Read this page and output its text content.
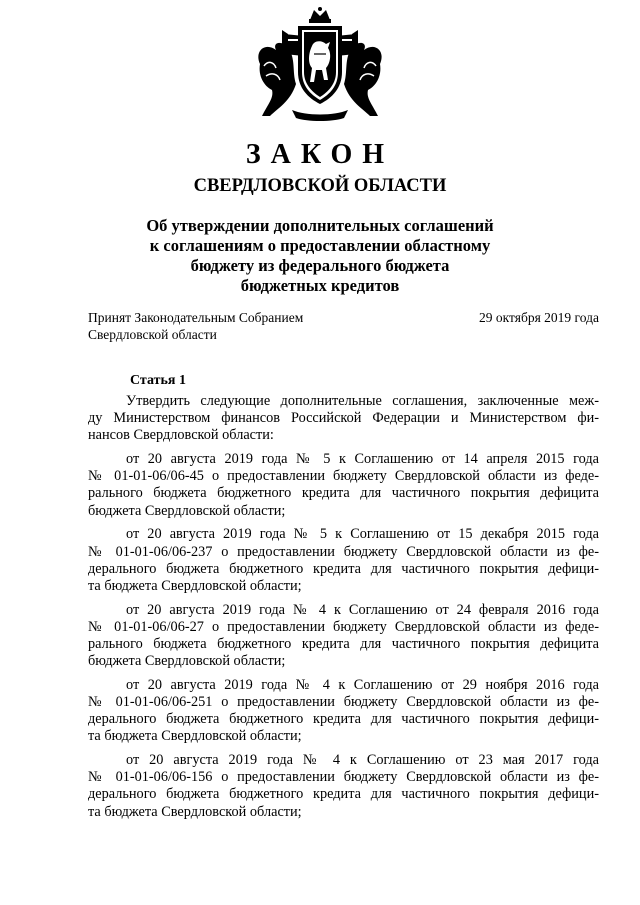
ЗАКОН
СВЕРДЛОВСКОЙ ОБЛАСТИ
Об утверждении дополнительных соглашений
к соглашениям о предоставлении областному
бюджету из федерального бюджета
бюджетных кредитов
Принят Законодательным Собранием
Свердловской области
29 октября 2019 года
Статья 1
Утвердить следующие дополнительные соглашения, заключенные меж-
ду Министерством финансов Российской Федерации и Министерством фи-
нансов Свердловской области:
от 20 августа 2019 года № 5 к Соглашению от 14 апреля 2015 года
№ 01-01-06/06-45 о предоставлении бюджету Свердловской области из феде-
рального бюджета бюджетного кредита для частичного покрытия дефицита
бюджета Свердловской области;
от 20 августа 2019 года № 5 к Соглашению от 15 декабря 2015 года
№ 01-01-06/06-237 о предоставлении бюджету Свердловской области из фе-
дерального бюджета бюджетного кредита для частичного покрытия дефици-
та бюджета Свердловской области;
от 20 августа 2019 года № 4 к Соглашению от 24 февраля 2016 года
№ 01-01-06/06-27 о предоставлении бюджету Свердловской области из феде-
рального бюджета бюджетного кредита для частичного покрытия дефицита
бюджета Свердловской области;
от 20 августа 2019 года № 4 к Соглашению от 29 ноября 2016 года
№ 01-01-06/06-251 о предоставлении бюджету Свердловской области из фе-
дерального бюджета бюджетного кредита для частичного покрытия дефици-
та бюджета Свердловской области;
от 20 августа 2019 года № 4 к Соглашению от 23 мая 2017 года
№ 01-01-06/06-156 о предоставлении бюджету Свердловской области из фе-
дерального бюджета бюджетного кредита для частичного покрытия дефици-
та бюджета Свердловской области;
